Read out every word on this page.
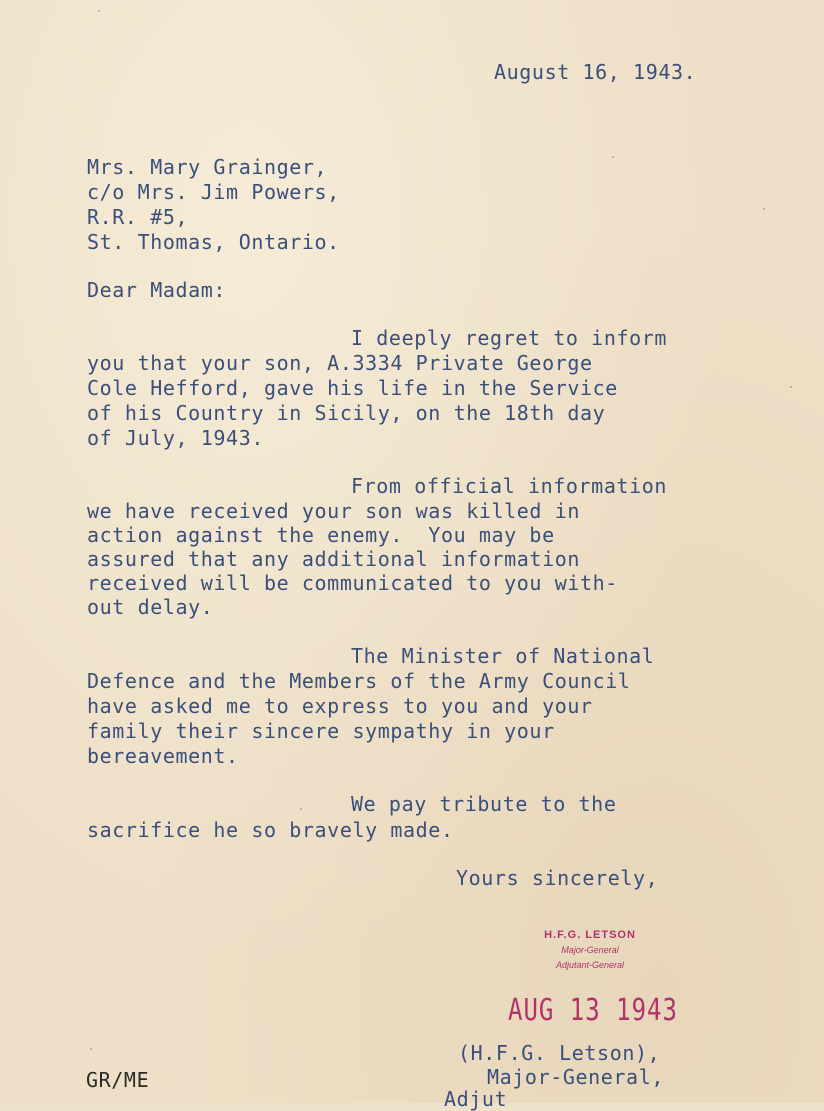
August 16, 1943.
Mrs. Mary Grainger,
c/o Mrs. Jim Powers,
R.R. #5,
St. Thomas, Ontario.
Dear Madam:
I deeply regret to inform
you that your son, A.3334 Private George
Cole Hefford, gave his life in the Service
of his Country in Sicily, on the 18th day
of July, 1943.
From official information
we have received your son was killed in
action against the enemy.  You may be
assured that any additional information
received will be communicated to you with-
out delay.
The Minister of National
Defence and the Members of the Army Council
have asked me to express to you and your
family their sincere sympathy in your
bereavement.
We pay tribute to the
sacrifice he so bravely made.
Yours sincerely,
H.F.G. LETSON
Major-General
Adjutant-General
AUG 13 1943
(H.F.G. Letson),
Major-General,
Adjut
GR/ME
